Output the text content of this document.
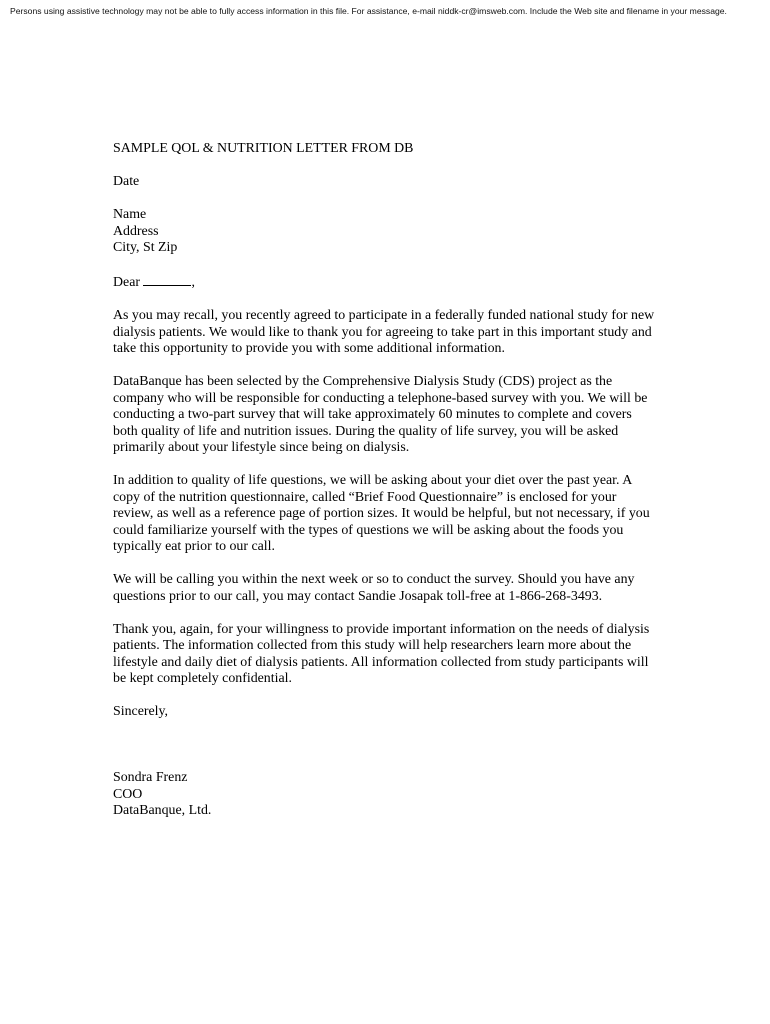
Persons using assistive technology may not be able to fully access information in this file. For assistance, e-mail niddk-cr@imsweb.com. Include the Web site and filename in your message.
SAMPLE QOL & NUTRITION LETTER FROM DB
Date
Name
Address
City, St Zip
Dear	,
As you may recall, you recently agreed to participate in a federally funded national study for new
dialysis patients. We would like to thank you for agreeing to take part in this important study and
take this opportunity to provide you with some additional information.
DataBanque has been selected by the Comprehensive Dialysis Study (CDS) project as the
company who will be responsible for conducting a telephone-based survey with you. We will be
conducting a two-part survey that will take approximately 60 minutes to complete and covers
both quality of life and nutrition issues. During the quality of life survey, you will be asked
primarily about your lifestyle since being on dialysis.
In addition to quality of life questions, we will be asking about your diet over the past year. A
copy of the nutrition questionnaire, called “Brief Food Questionnaire” is enclosed for your
review, as well as a reference page of portion sizes. It would be helpful, but not necessary, if you
could familiarize yourself with the types of questions we will be asking about the foods you
typically eat prior to our call.
We will be calling you within the next week or so to conduct the survey. Should you have any
questions prior to our call, you may contact Sandie Josapak toll-free at 1-866-268-3493.
Thank you, again, for your willingness to provide important information on the needs of dialysis
patients. The information collected from this study will help researchers learn more about the
lifestyle and daily diet of dialysis patients. All information collected from study participants will
be kept completely confidential.
Sincerely,
Sondra Frenz
COO
DataBanque, Ltd.
